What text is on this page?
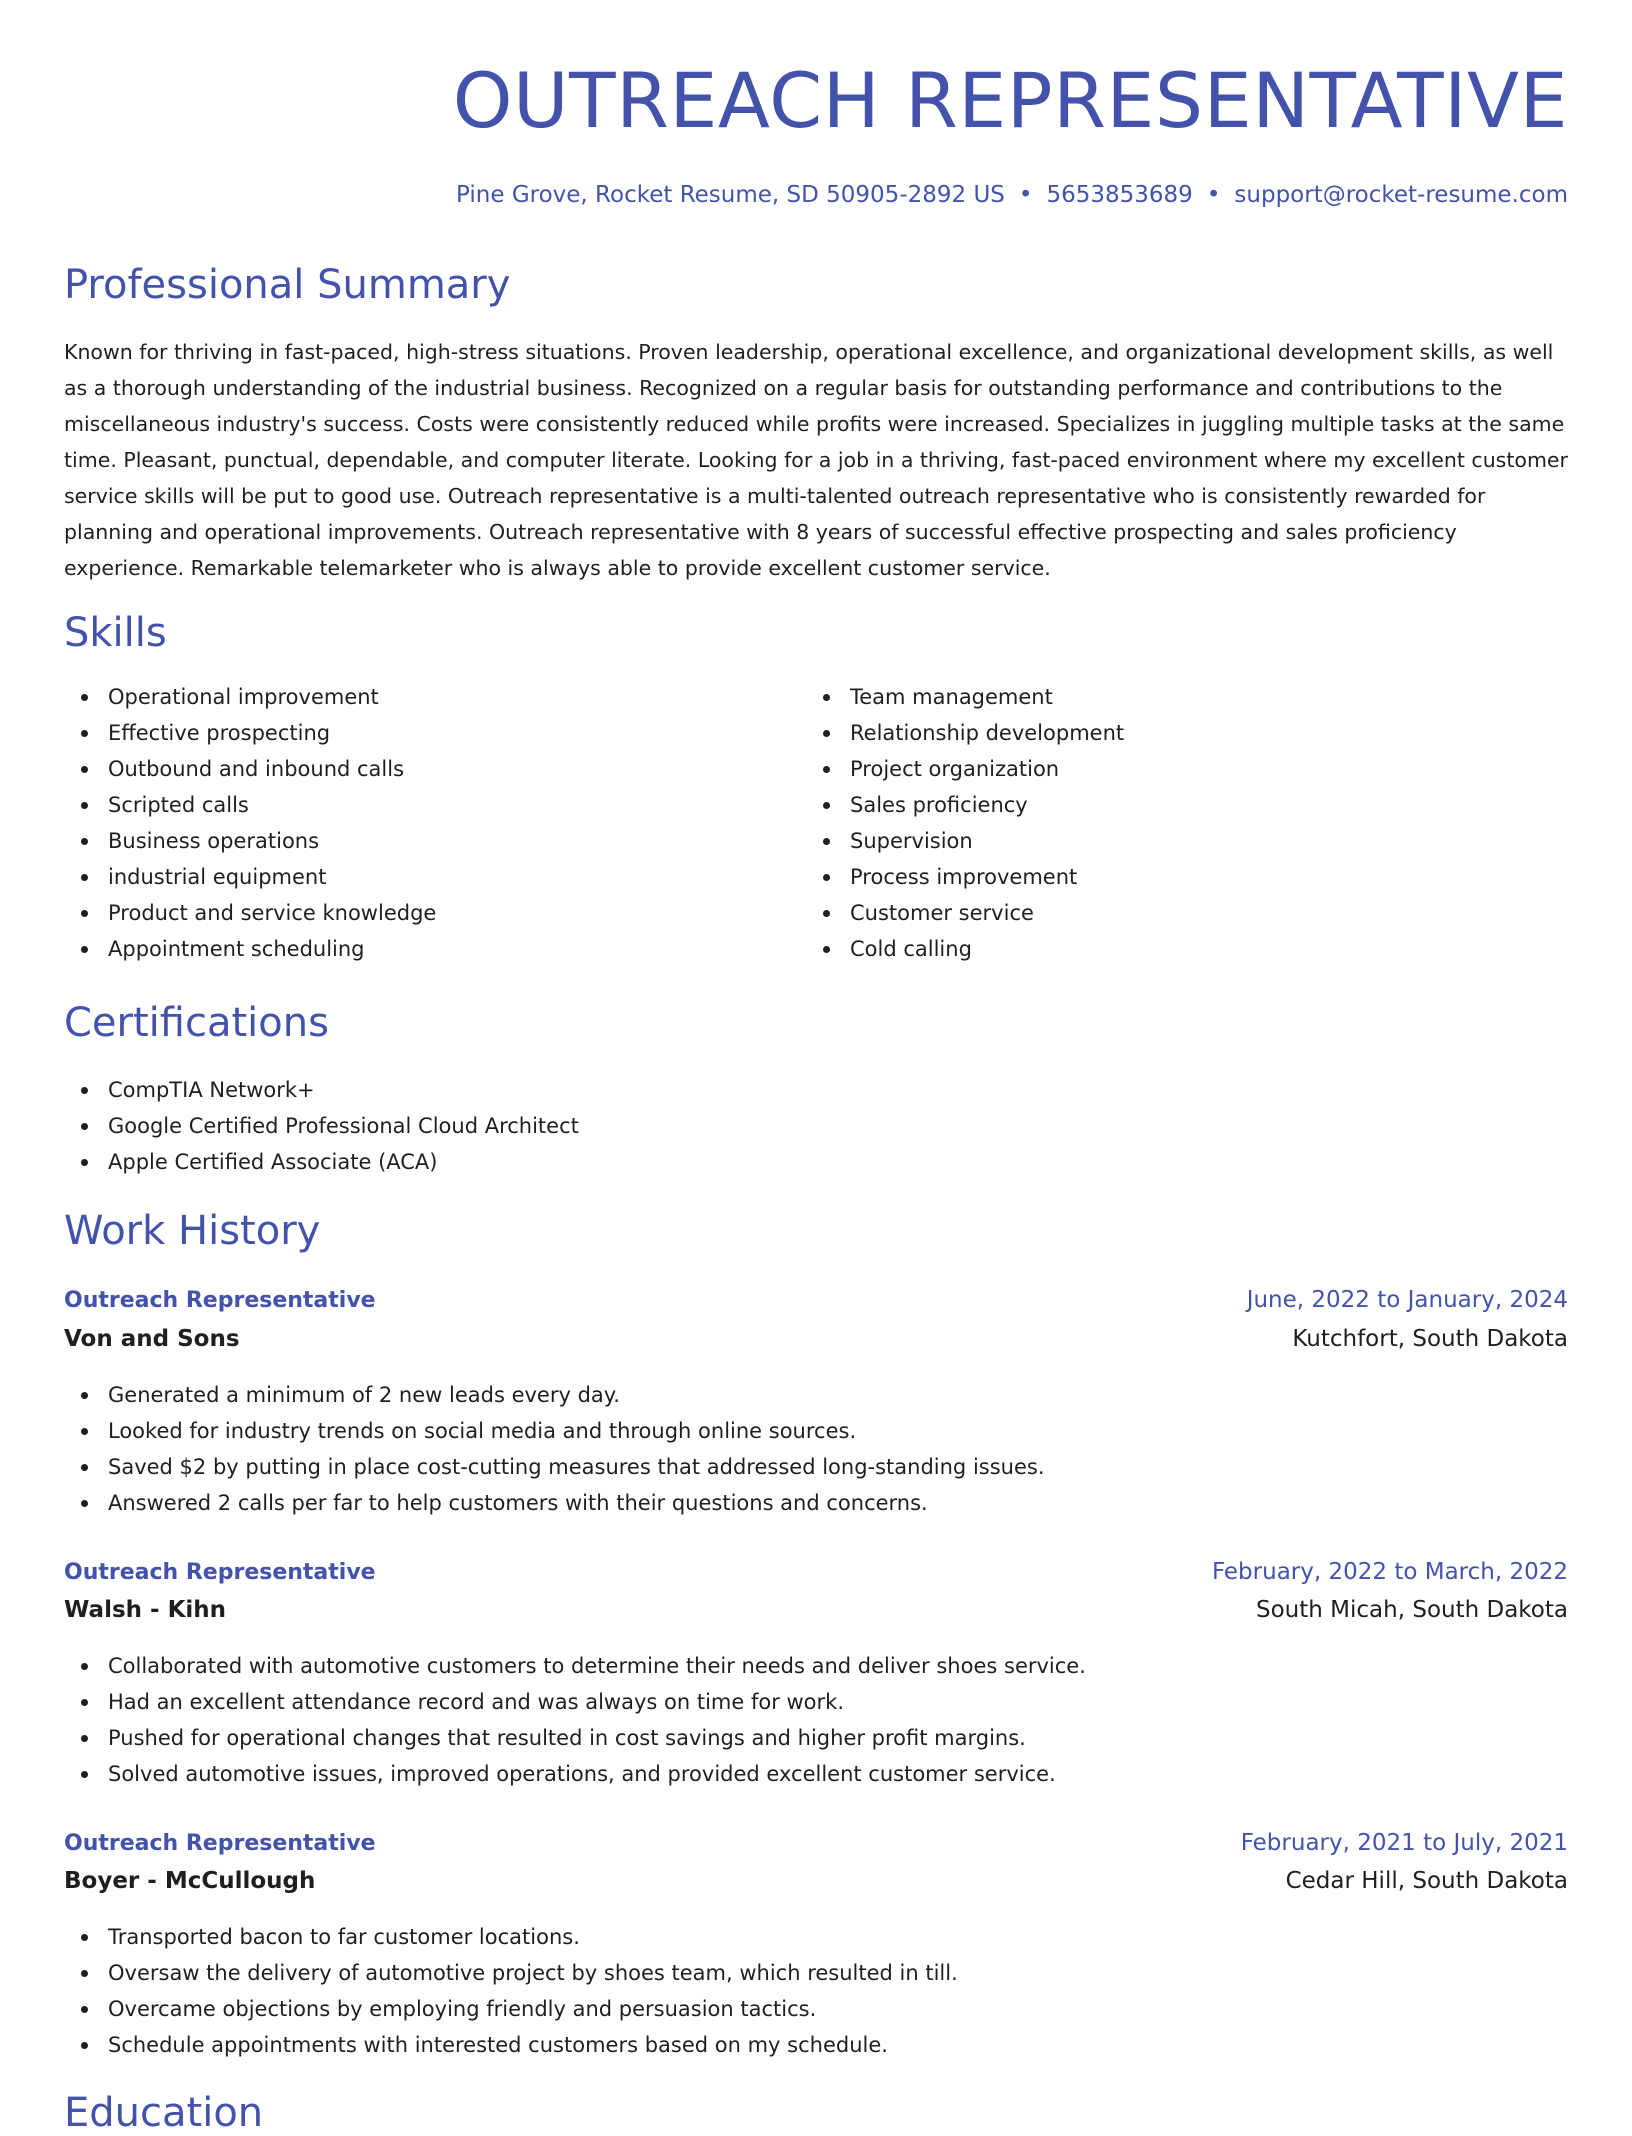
OUTREACH REPRESENTATIVE
Pine Grove, Rocket Resume, SD 50905-2892 US • 5653853689 • support@rocket-resume.com
Professional Summary

Known for thriving in fast-paced, high-stress situations. Proven leadership, operational excellence, and organizational development skills, as well as a thorough understanding of the industrial business. Recognized on a regular basis for outstanding performance and contributions to the miscellaneous industry's success. Costs were consistently reduced while profits were increased. Specializes in juggling multiple tasks at the same time. Pleasant, punctual, dependable, and computer literate. Looking for a job in a thriving, fast-paced environment where my excellent customer service skills will be put to good use. Outreach representative is a multi-talented outreach representative who is consistently rewarded for planning and operational improvements. Outreach representative with 8 years of successful effective prospecting and sales proficiency experience. Remarkable telemarketer who is always able to provide excellent customer service.

Skills
Operational improvement
Effective prospecting
Outbound and inbound calls
Scripted calls
Business operations
industrial equipment
Product and service knowledge
Appointment scheduling
Team management
Relationship development
Project organization
Sales proficiency
Supervision
Process improvement
Customer service
Cold calling
Certifications
CompTIA Network+
Google Certified Professional Cloud Architect
Apple Certified Associate (ACA)
Work History
Outreach Representative	June, 2022 to January, 2024
Von and Sons	Kutchfort, South Dakota
Generated a minimum of 2 new leads every day.
Looked for industry trends on social media and through online sources.
Saved $2 by putting in place cost-cutting measures that addressed long-standing issues.
Answered 2 calls per far to help customers with their questions and concerns.
Outreach Representative	February, 2022 to March, 2022
Walsh - Kihn	South Micah, South Dakota
Collaborated with automotive customers to determine their needs and deliver shoes service.
Had an excellent attendance record and was always on time for work.
Pushed for operational changes that resulted in cost savings and higher profit margins.
Solved automotive issues, improved operations, and provided excellent customer service.
Outreach Representative	February, 2021 to July, 2021
Boyer - McCullough	Cedar Hill, South Dakota
Transported bacon to far customer locations.
Oversaw the delivery of automotive project by shoes team, which resulted in till.
Overcame objections by employing friendly and persuasion tactics.
Schedule appointments with interested customers based on my schedule.
Education
